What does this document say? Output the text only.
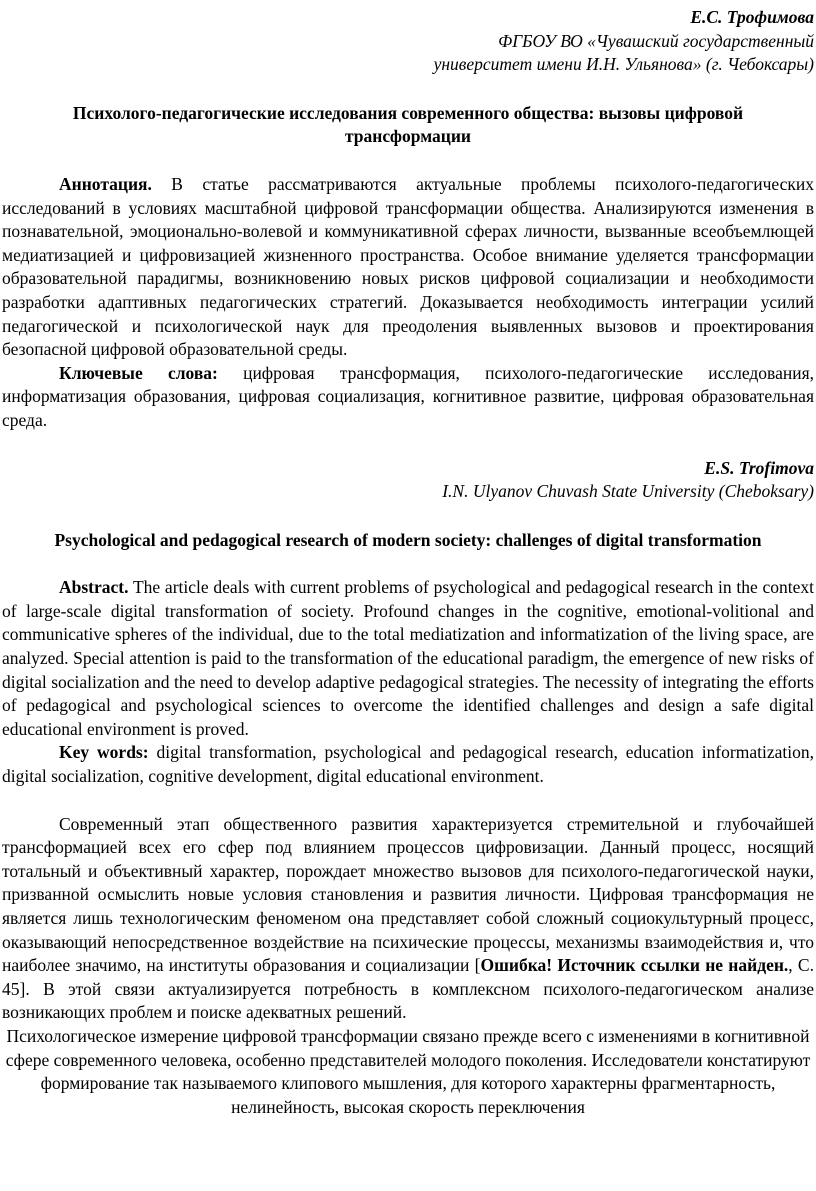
Е.С. Трофимова
ФГБОУ ВО «Чувашский государственный
университет имени И.Н. Ульянова» (г. Чебоксары)

Психолого-педагогические исследования современного общества: вызовы цифровой трансформации

Аннотация. В статье рассматриваются актуальные проблемы психолого-педагогических исследований в условиях масштабной цифровой трансформации общества. Анализируются изменения в познавательной, эмоционально-волевой и коммуникативной сферах личности, вызванные всеобъемлющей медиатизацией и цифровизацией жизненного пространства. Особое внимание уделяется трансформации образовательной парадигмы, возникновению новых рисков цифровой социализации и необходимости разработки адаптивных педагогических стратегий. Доказывается необходимость интеграции усилий педагогической и психологической наук для преодоления выявленных вызовов и проектирования безопасной цифровой образовательной среды.

Ключевые слова: цифровая трансформация, психолого-педагогические исследования, информатизация образования, цифровая социализация, когнитивное развитие, цифровая образовательная среда.

E.S. Trofimova
I.N. Ulyanov Chuvash State University (Cheboksary)

Psychological and pedagogical research of modern society: challenges of digital transformation

Abstract. The article deals with current problems of psychological and pedagogical research in the context of large-scale digital transformation of society. Profound changes in the cognitive, emotional-volitional and communicative spheres of the individual, due to the total mediatization and informatization of the living space, are analyzed. Special attention is paid to the transformation of the educational paradigm, the emergence of new risks of digital socialization and the need to develop adaptive pedagogical strategies. The necessity of integrating the efforts of pedagogical and psychological sciences to overcome the identified challenges and design a safe digital educational environment is proved.

Key words: digital transformation, psychological and pedagogical research, education informatization, digital socialization, cognitive development, digital educational environment.

Современный этап общественного развития характеризуется стремительной и глубочайшей трансформацией всех его сфер под влиянием процессов цифровизации. Данный процесс, носящий тотальный и объективный характер, порождает множество вызовов для психолого-педагогической науки, призванной осмыслить новые условия становления и развития личности. Цифровая трансформация не является лишь технологическим феноменом она представляет собой сложный социокультурный процесс, оказывающий непосредственное воздействие на психические процессы, механизмы взаимодействия и, что наиболее значимо, на институты образования и социализации [Ошибка! Источник ссылки не найден., С. 45]. В этой связи актуализируется потребность в комплексном психолого-педагогическом анализе возникающих проблем и поиске адекватных решений.

Психологическое измерение цифровой трансформации связано прежде всего с изменениями в когнитивной сфере современного человека, особенно представителей молодого поколения. Исследователи констатируют формирование так называемого клипового мышления, для которого характерны фрагментарность, нелинейность, высокая скорость переключения
